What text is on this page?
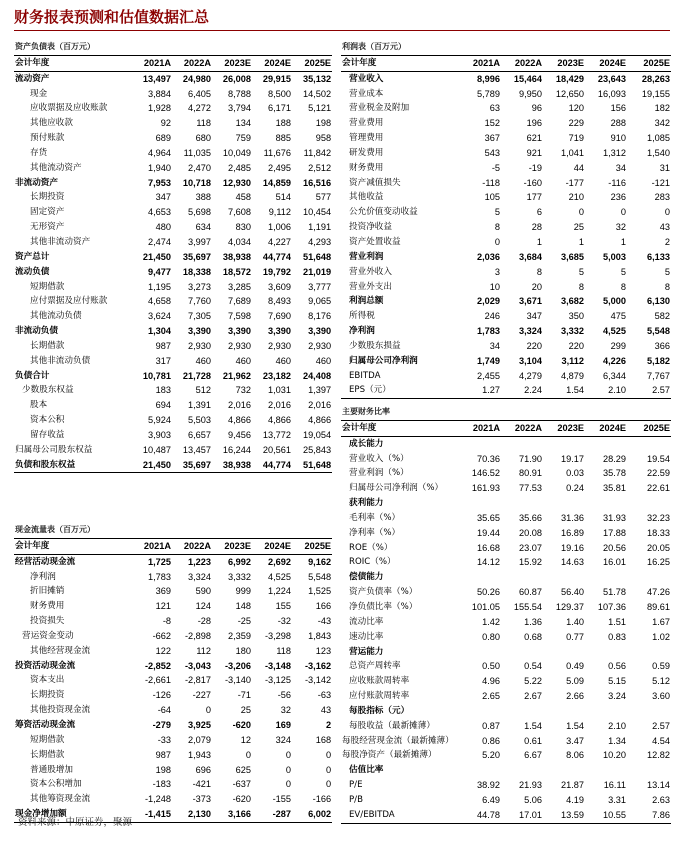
财务报表预测和估值数据汇总
资产负债表（百万元）					
会计年度	2021A	2022A	2023E	2024E	2025E
流动资产	13,497	24,980	26,008	29,915	35,132
现金	3,884	6,405	8,788	8,500	14,502
应收票据及应收账款	1,928	4,272	3,794	6,171	5,121
其他应收款	92	118	134	188	198
预付账款	689	680	759	885	958
存货	4,964	11,035	10,049	11,676	11,842
其他流动资产	1,940	2,470	2,485	2,495	2,512
非流动资产	7,953	10,718	12,930	14,859	16,516
长期投资	347	388	458	514	577
固定资产	4,653	5,698	7,608	9,112	10,454
无形资产	480	634	830	1,006	1,191
其他非流动资产	2,474	3,997	4,034	4,227	4,293
资产总计	21,450	35,697	38,938	44,774	51,648
流动负债	9,477	18,338	18,572	19,792	21,019
短期借款	1,195	3,273	3,285	3,609	3,777
应付票据及应付账款	4,658	7,760	7,689	8,493	9,065
其他流动负债	3,624	7,305	7,598	7,690	8,176
非流动负债	1,304	3,390	3,390	3,390	3,390
长期借款	987	2,930	2,930	2,930	2,930
其他非流动负债	317	460	460	460	460
负债合计	10,781	21,728	21,962	23,182	24,408
少数股东权益	183	512	732	1,031	1,397
股本	694	1,391	2,016	2,016	2,016
资本公积	5,924	5,503	4,866	4,866	4,866
留存收益	3,903	6,657	9,456	13,772	19,054
归属母公司股东权益	10,487	13,457	16,244	20,561	25,843
负债和股东权益	21,450	35,697	38,938	44,774	51,648
利润表（百万元）					
会计年度	2021A	2022A	2023E	2024E	2025E
营业收入	8,996	15,464	18,429	23,643	28,263
营业成本	5,789	9,950	12,650	16,093	19,155
营业税金及附加	63	96	120	156	182
营业费用	152	196	229	288	342
管理费用	367	621	719	910	1,085
研发费用	543	921	1,041	1,312	1,540
财务费用	-5	-19	44	34	31
资产减值损失	-118	-160	-177	-116	-121
其他收益	105	177	210	236	283
公允价值变动收益	5	6	0	0	0
投资净收益	8	28	25	32	43
资产处置收益	0	1	1	1	2
营业利润	2,036	3,684	3,685	5,003	6,133
营业外收入	3	8	5	5	5
营业外支出	10	20	8	8	8
利润总额	2,029	3,671	3,682	5,000	6,130
所得税	246	347	350	475	582
净利润	1,783	3,324	3,332	4,525	5,548
少数股东损益	34	220	220	299	366
归属母公司净利润	1,749	3,104	3,112	4,226	5,182
EBITDA	2,455	4,279	4,879	6,344	7,767
EPS（元）	1.27	2.24	1.54	2.10	2.57
主要财务比率					
会计年度	2021A	2022A	2023E	2024E	2025E
成长能力					
营业收入（%）	70.36	71.90	19.17	28.29	19.54
营业利润（%）	146.52	80.91	0.03	35.78	22.59
归属母公司净利润（%）	161.93	77.53	0.24	35.81	22.61
获利能力					
毛利率（%）	35.65	35.66	31.36	31.93	32.23
净利率（%）	19.44	20.08	16.89	17.88	18.33
ROE（%）	16.68	23.07	19.16	20.56	20.05
ROIC（%）	14.12	15.92	14.63	16.01	16.25
偿债能力					
资产负债率（%）	50.26	60.87	56.40	51.78	47.26
净负债比率（%）	101.05	155.54	129.37	107.36	89.61
流动比率	1.42	1.36	1.40	1.51	1.67
速动比率	0.80	0.68	0.77	0.83	1.02
营运能力					
总资产周转率	0.50	0.54	0.49	0.56	0.59
应收账款周转率	4.96	5.22	5.09	5.15	5.12
应付账款周转率	2.65	2.67	2.66	3.24	3.60
每股指标（元）					
每股收益（最新摊薄）	0.87	1.54	1.54	2.10	2.57
每股经营现金流（最新摊薄）	0.86	0.61	3.47	1.34	4.54
每股净资产（最新摊薄）	5.20	6.67	8.06	10.20	12.82
估值比率					
P/E	38.92	21.93	21.87	16.11	13.14
P/B	6.49	5.06	4.19	3.31	2.63
EV/EBITDA	44.78	17.01	13.59	10.55	7.86
现金流量表（百万元）					
会计年度	2021A	2022A	2023E	2024E	2025E
经营活动现金流	1,725	1,223	6,992	2,692	9,162
净利润	1,783	3,324	3,332	4,525	5,548
折旧摊销	369	590	999	1,224	1,525
财务费用	121	124	148	155	166
投资损失	-8	-28	-25	-32	-43
营运资金变动	-662	-2,898	2,359	-3,298	1,843
其他经营现金流	122	112	180	118	123
投资活动现金流	-2,852	-3,043	-3,206	-3,148	-3,162
资本支出	-2,661	-2,817	-3,140	-3,125	-3,142
长期投资	-126	-227	-71	-56	-63
其他投资现金流	-64	0	25	32	43
筹资活动现金流	-279	3,925	-620	169	2
短期借款	-33	2,079	12	324	168
长期借款	987	1,943	0	0	0
普通股增加	198	696	625	0	0
资本公积增加	-183	-421	-637	0	0
其他筹资现金流	-1,248	-373	-620	-155	-166
现金净增加额	-1,415	2,130	3,166	-287	6,002
资料来源：中原证券，聚源
